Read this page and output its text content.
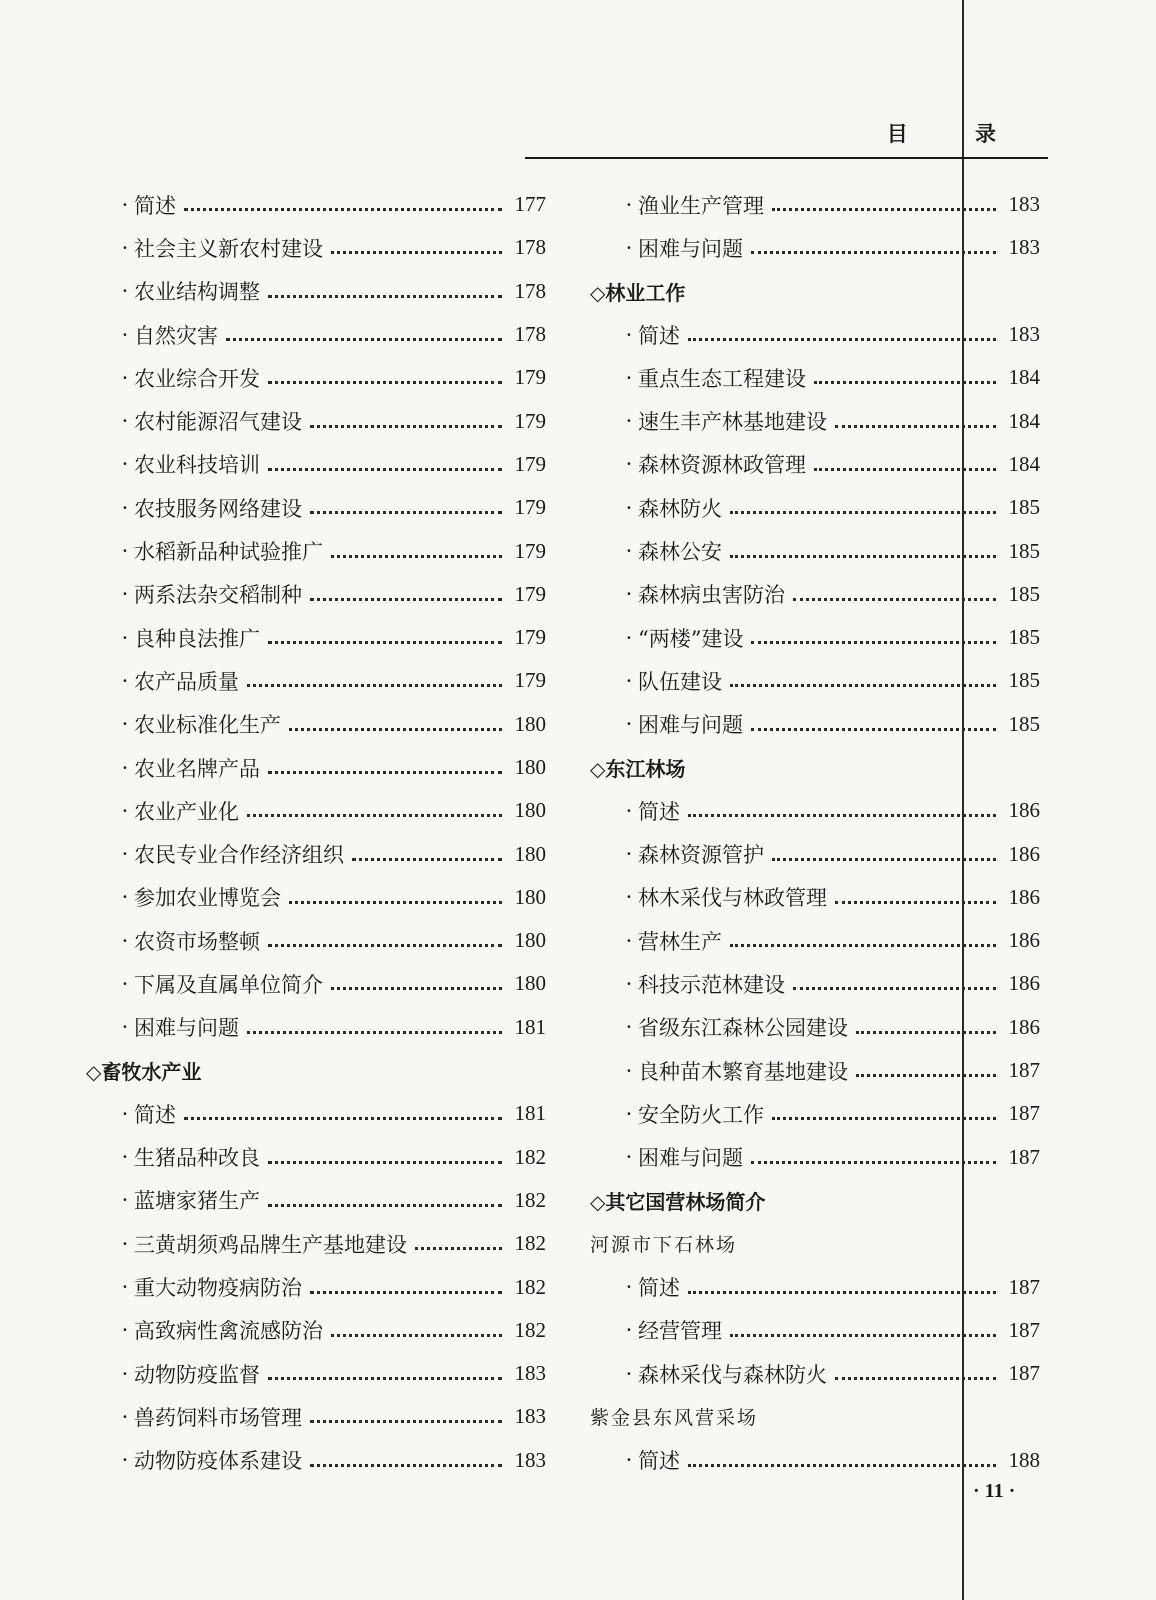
目 录
· 简述	177
· 社会主义新农村建设	178
· 农业结构调整	178
· 自然灾害	178
· 农业综合开发	179
· 农村能源沼气建设	179
· 农业科技培训	179
· 农技服务网络建设	179
· 水稻新品种试验推广	179
· 两系法杂交稻制种	179
· 良种良法推广	179
· 农产品质量	179
· 农业标准化生产	180
· 农业名牌产品	180
· 农业产业化	180
· 农民专业合作经济组织	180
· 参加农业博览会	180
· 农资市场整顿	180
· 下属及直属单位简介	180
· 困难与问题	181
◇畜牧水产业
· 简述	181
· 生猪品种改良	182
· 蓝塘家猪生产	182
· 三黄胡须鸡品牌生产基地建设	182
· 重大动物疫病防治	182
· 高致病性禽流感防治	182
· 动物防疫监督	183
· 兽药饲料市场管理	183
· 动物防疫体系建设	183
· 渔业生产管理	183
· 困难与问题	183
◇林业工作
· 简述	183
· 重点生态工程建设	184
· 速生丰产林基地建设	184
· 森林资源林政管理	184
· 森林防火	185
· 森林公安	185
· 森林病虫害防治	185
· “两楼”建设	185
· 队伍建设	185
· 困难与问题	185
◇东江林场
· 简述	186
· 森林资源管护	186
· 林木采伐与林政管理	186
· 营林生产	186
· 科技示范林建设	186
· 省级东江森林公园建设	186
· 良种苗木繁育基地建设	187
· 安全防火工作	187
· 困难与问题	187
◇其它国营林场简介
河源市下石林场
· 简述	187
· 经营管理	187
· 森林采伐与森林防火	187
紫金县东风营采场
· 简述	188
· 11 ·
